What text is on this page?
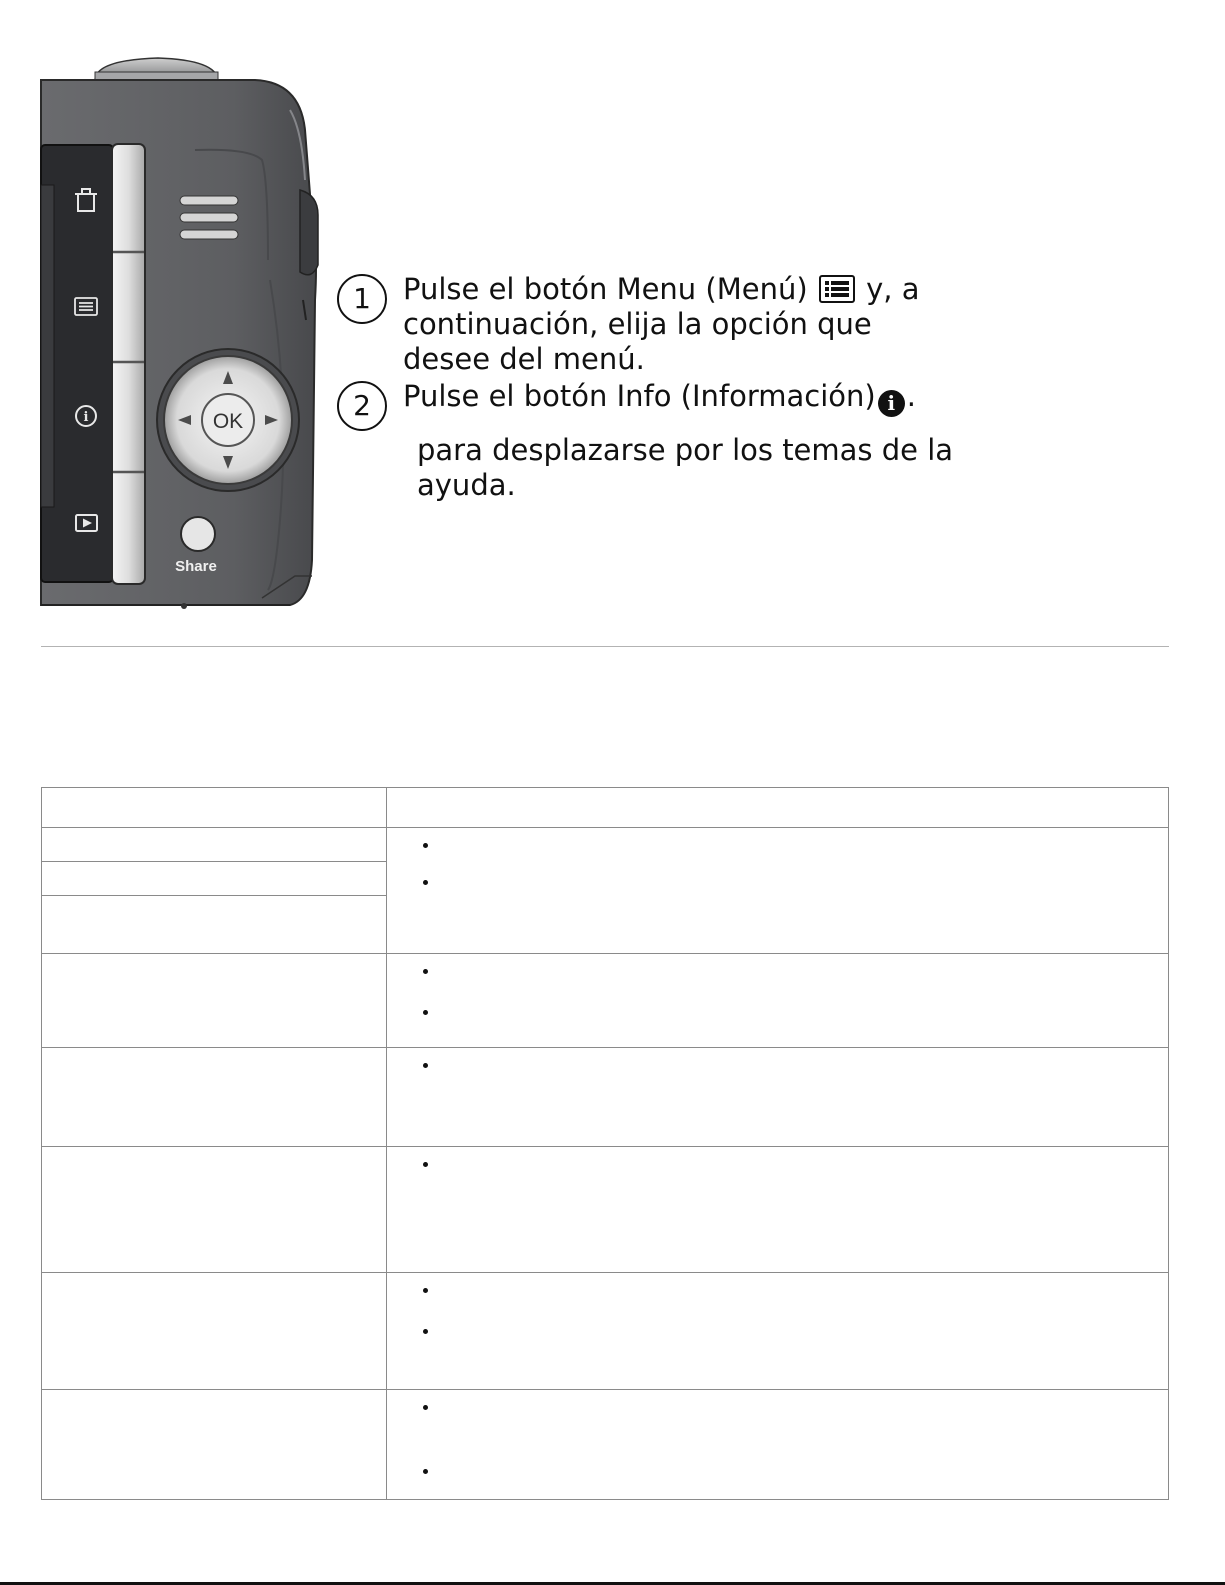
i	OK
Share
1	Pulse el botón Menu (Menú) y, a continuación, elija la opción que desee del menú.
2	Pulse el botón Info (Información) i .
para desplazarse por los temas de la ayuda.
